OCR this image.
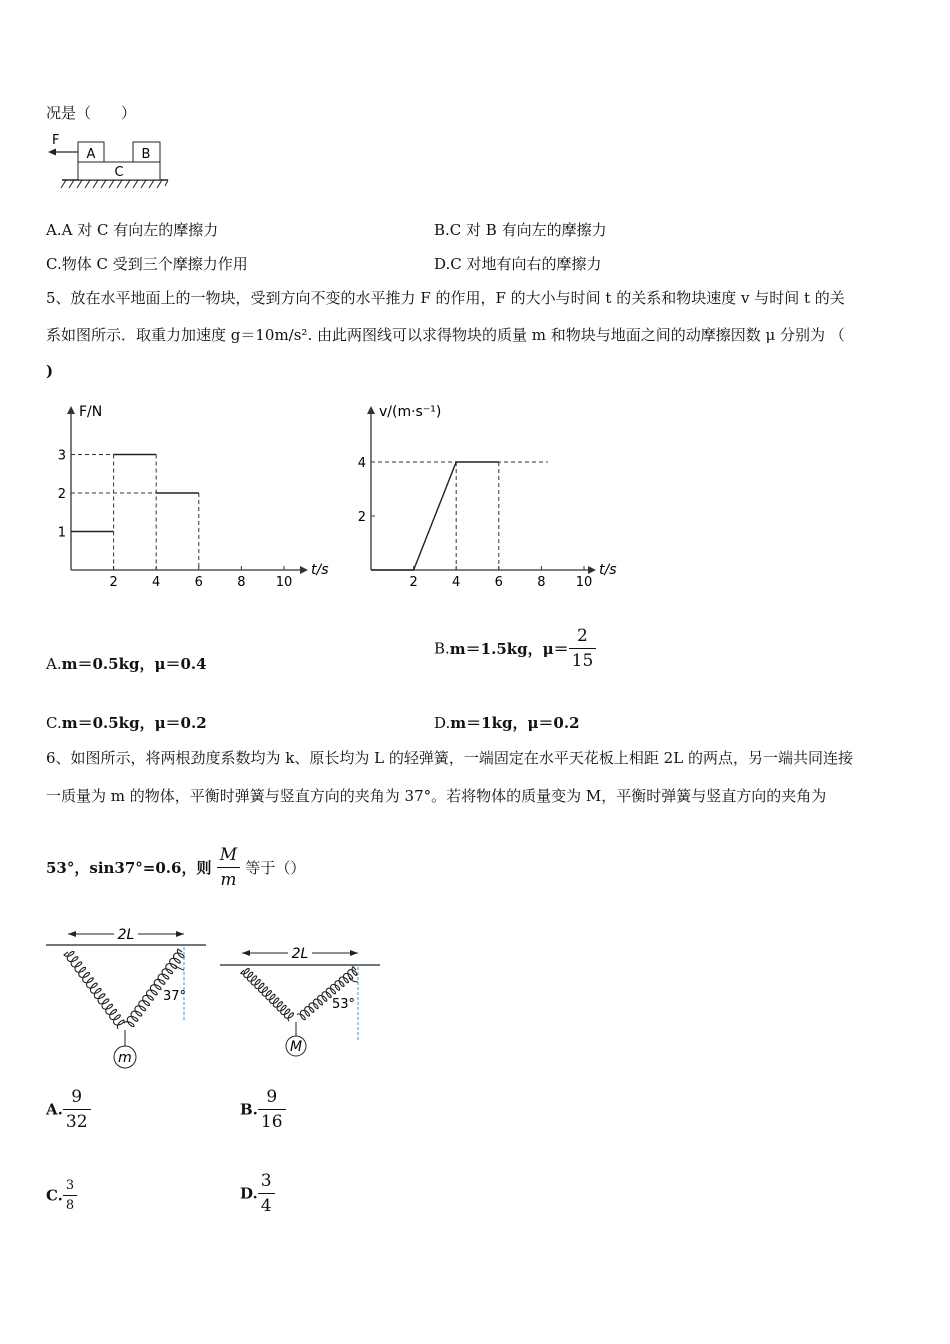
况是（　　）
F
A	B
C
A.A 对 C 有向左的摩擦力	B.C 对 B 有向左的摩擦力
C.物体 C 受到三个摩擦力作用	D.C 对地有向右的摩擦力
5、放在水平地面上的一物块，受到方向不变的水平推力 F 的作用，F 的大小与时间 t 的关系和物块速度 v 与时间 t 的关
系如图所示．取重力加速度 g＝10m/s². 由此两图线可以求得物块的质量 m 和物块与地面之间的动摩擦因数 μ 分别为 （
)
t/s
F/N
2	4	6	8 10
1
2
3
t/s
v/(m·s⁻¹)
2	4	6	8 10
2
4
A.m＝0.5kg，μ＝0.4
B.m＝1.5kg，$\mu= \frac{2}{15}$
C.m＝0.5kg，μ＝0.2	D.m＝1kg，μ＝0.2
6、如图所示，将两根劲度系数均为 k、原长均为 L 的轻弹簧，一端固定在水平天花板上相距 2L 的两点，另一端共同连接
一质量为 m 的物体，平衡时弹簧与竖直方向的夹角为 37°。若将物体的质量变为 M，平衡时弹簧与竖直方向的夹角为
53°，sin37°=0.6，则 $\frac{M}{m}$ 等于（）
2L
37°
m
2L
53°
M
A. $\frac{9}{32}$	B. $\frac{9}{16}$
C. $\frac{3}{8}$	D. $\frac{3}{4}$
